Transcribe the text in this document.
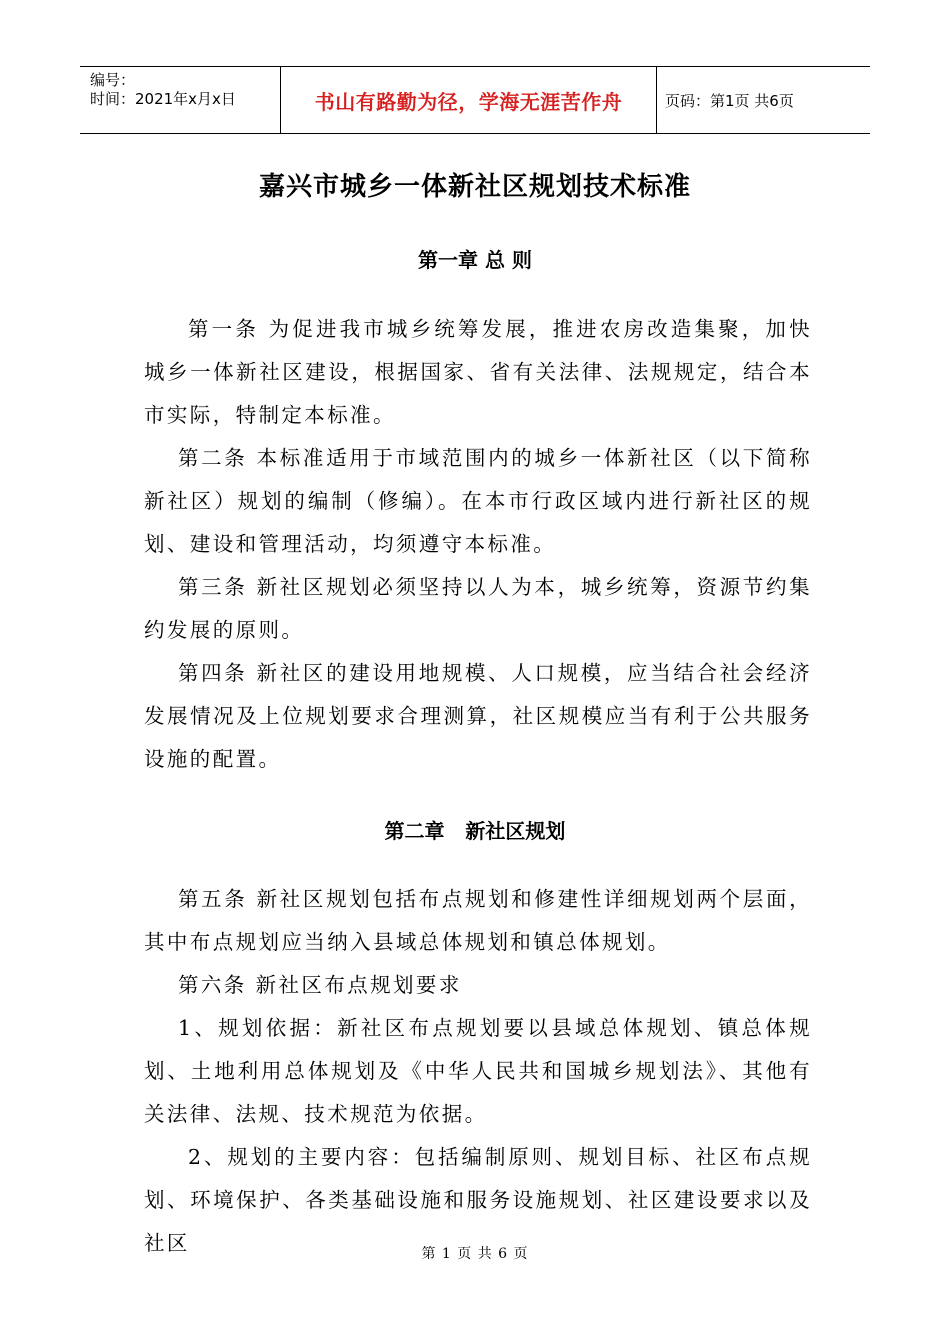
编号：
时间：2021年x月x日	书山有路勤为径，学海无涯苦作舟	页码：第1页 共6页
嘉兴市城乡一体新社区规划技术标准
第一章 总 则
第一条 为促进我市城乡统筹发展，推进农房改造集聚，加快城乡一体新社区建设，根据国家、省有关法律、法规规定，结合本市实际，特制定本标准。
第二条 本标准适用于市域范围内的城乡一体新社区（以下简称新社区）规划的编制（修编）。在本市行政区域内进行新社区的规划、建设和管理活动，均须遵守本标准。
第三条 新社区规划必须坚持以人为本，城乡统筹，资源节约集约发展的原则。
第四条 新社区的建设用地规模、人口规模，应当结合社会经济发展情况及上位规划要求合理测算，社区规模应当有利于公共服务设施的配置。
第二章   新社区规划
第五条 新社区规划包括布点规划和修建性详细规划两个层面，其中布点规划应当纳入县域总体规划和镇总体规划。
第六条 新社区布点规划要求
1、规划依据：新社区布点规划要以县域总体规划、镇总体规划、土地利用总体规划及《中华人民共和国城乡规划法》、其他有关法律、法规、技术规范为依据。
2、规划的主要内容：包括编制原则、规划目标、社区布点规划、环境保护、各类基础设施和服务设施规划、社区建设要求以及社区	第 1 页 共 6 页
